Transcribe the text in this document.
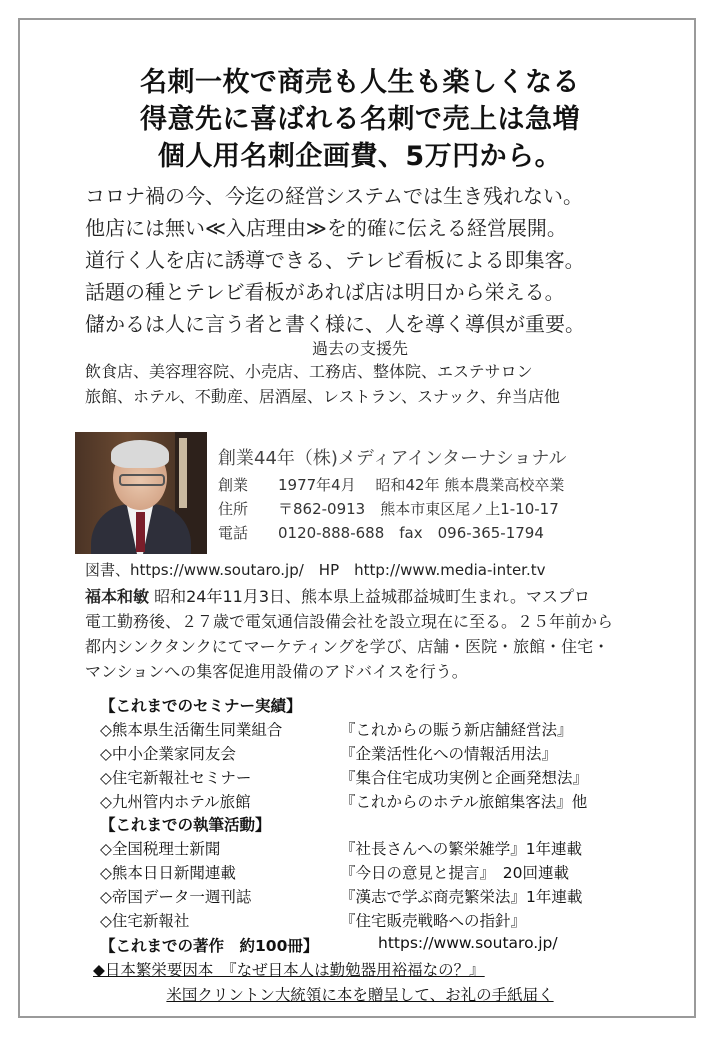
名刺一枚で商売も人生も楽しくなる
得意先に喜ばれる名刺で売上は急増
個人用名刺企画費、5万円から。
コロナ禍の今、今迄の経営システムでは生き残れない。
他店には無い≪入店理由≫を的確に伝える経営展開。
道行く人を店に誘導できる、テレビ看板による即集客。
話題の種とテレビ看板があれば店は明日から栄える。
儲かるは人に言う者と書く様に、人を導く導倶が重要。
過去の支援先
飲食店、美容理容院、小売店、工務店、整体院、エステサロン
旅館、ホテル、不動産、居酒屋、レストラン、スナック、弁当店他
創業44年（株)メディアインターナショナル
創業 1977年4月　 昭和42年 熊本農業高校卒業
住所 〒862-0913　熊本市東区尾ノ上1-10-17
電話 0120-888-688　fax　096-365-1794
図書、https://www.soutaro.jp/　HP　http://www.media-inter.tv
福本和敏 昭和24年11月3日、熊本県上益城郡益城町生まれ。マスプロ
電工勤務後、２７歳で電気通信設備会社を設立現在に至る。２５年前から
都内シンクタンクにてマーケティングを学び、店舗・医院・旅館・住宅・
マンションへの集客促進用設備のアドバイスを行う。
【これまでのセミナー実績】
◇熊本県生活衛生同業組合	『これからの賑う新店舗経営法』
◇中小企業家同友会	『企業活性化への情報活用法』
◇住宅新報社セミナー	『集合住宅成功実例と企画発想法』
◇九州管内ホテル旅館	『これからのホテル旅館集客法』他
【これまでの執筆活動】
◇全国税理士新聞	『社長さんへの繁栄雑学』1年連載
◇熊本日日新聞連載	『今日の意見と提言』　20回連載
◇帝国データ一週刊誌	『漢志で学ぶ商売繁栄法』1年連載
◇住宅新報社	『住宅販売戦略への指針』
【これまでの著作　約100冊】	https://www.soutaro.jp/
◆日本繁栄要因本　『なぜ日本人は勤勉器用裕福なの？』
米国クリントン大統領に本を贈呈して、お礼の手紙届く
